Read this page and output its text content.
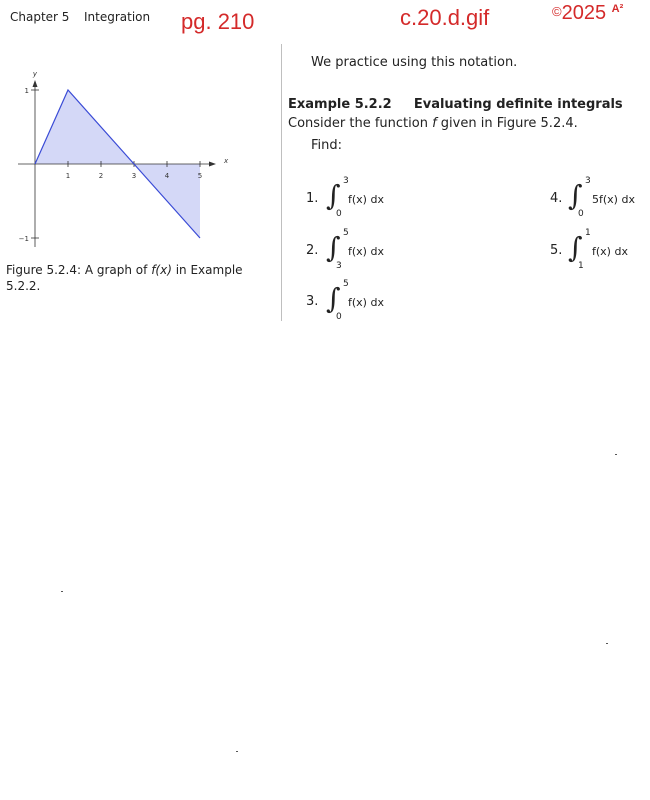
Chapter 5 Integration pg. 210	c.20.d.gif	©2025 $^{A^2}$
1	2	3	4	5
1
−1
x
y
Figure 5.2.4: A graph of f(x) in Example 5.2.2.
We practice using this notation.
Example 5.2.2 Evaluating definite integrals
Consider the function f given in Figure 5.2.4.
Find:
1. ∫ 3
0
f(x) dx
2. ∫ 5
3
f(x) dx
3. ∫ 5
0
f(x) dx
4. ∫ 3
0
5f(x) dx
5. ∫ 1
1
f(x) dx
